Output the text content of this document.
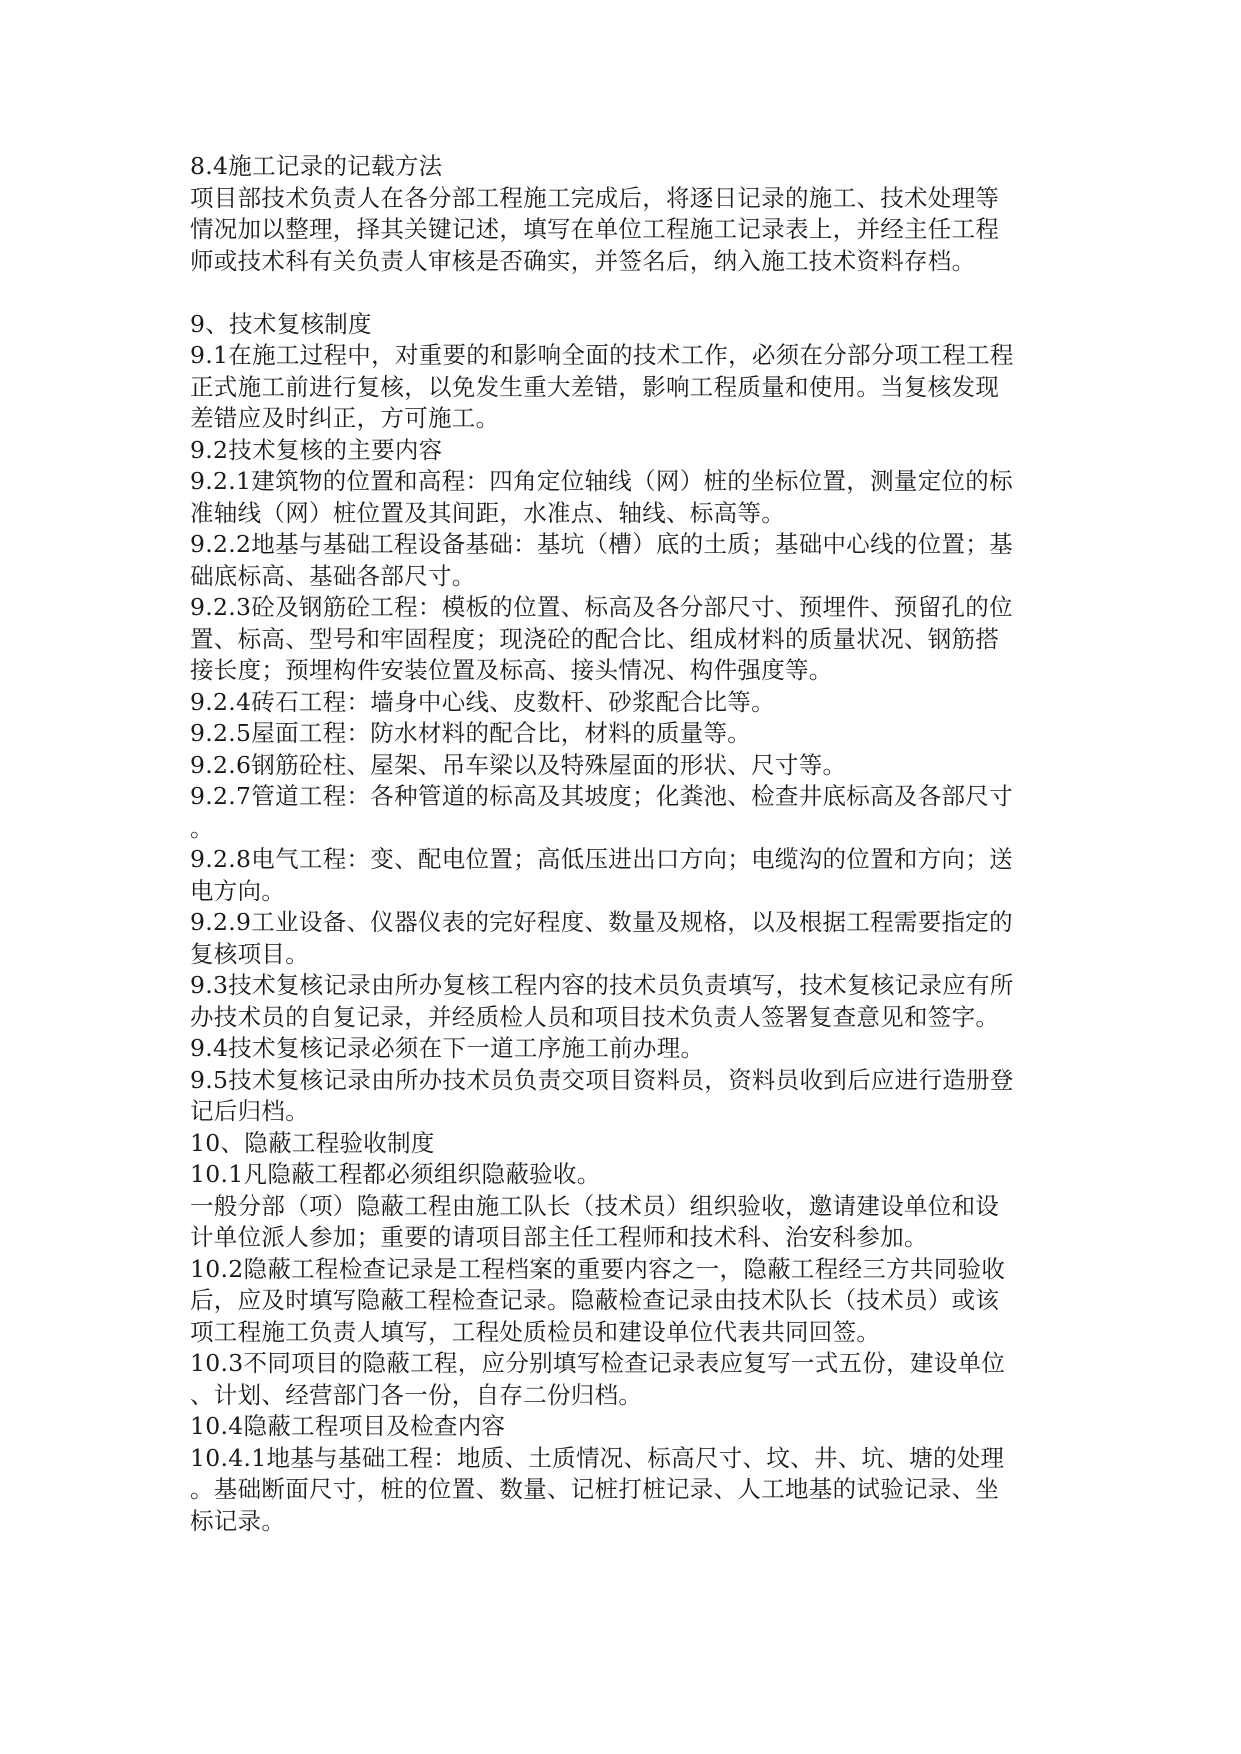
8.4施工记录的记载方法
项目部技术负责人在各分部工程施工完成后，将逐日记录的施工、技术处理等
情况加以整理，择其关键记述，填写在单位工程施工记录表上，并经主任工程
师或技术科有关负责人审核是否确实，并签名后，纳入施工技术资料存档。
9、技术复核制度
9.1在施工过程中，对重要的和影响全面的技术工作，必须在分部分项工程工程
正式施工前进行复核，以免发生重大差错，影响工程质量和使用。当复核发现
差错应及时纠正，方可施工。
9.2技术复核的主要内容
9.2.1建筑物的位置和高程：四角定位轴线（网）桩的坐标位置，测量定位的标
准轴线（网）桩位置及其间距，水准点、轴线、标高等。
9.2.2地基与基础工程设备基础：基坑（槽）底的土质；基础中心线的位置；基
础底标高、基础各部尺寸。
9.2.3砼及钢筋砼工程：模板的位置、标高及各分部尺寸、预埋件、预留孔的位
置、标高、型号和牢固程度；现浇砼的配合比、组成材料的质量状况、钢筋搭
接长度；预埋构件安装位置及标高、接头情况、构件强度等。
9.2.4砖石工程：墙身中心线、皮数杆、砂浆配合比等。
9.2.5屋面工程：防水材料的配合比，材料的质量等。
9.2.6钢筋砼柱、屋架、吊车梁以及特殊屋面的形状、尺寸等。
9.2.7管道工程：各种管道的标高及其坡度；化粪池、检查井底标高及各部尺寸
。
9.2.8电气工程：变、配电位置；高低压进出口方向；电缆沟的位置和方向；送
电方向。
9.2.9工业设备、仪器仪表的完好程度、数量及规格，以及根据工程需要指定的
复核项目。
9.3技术复核记录由所办复核工程内容的技术员负责填写，技术复核记录应有所
办技术员的自复记录，并经质检人员和项目技术负责人签署复查意见和签字。
9.4技术复核记录必须在下一道工序施工前办理。
9.5技术复核记录由所办技术员负责交项目资料员，资料员收到后应进行造册登
记后归档。
10、隐蔽工程验收制度
10.1凡隐蔽工程都必须组织隐蔽验收。
一般分部（项）隐蔽工程由施工队长（技术员）组织验收，邀请建设单位和设
计单位派人参加；重要的请项目部主任工程师和技术科、治安科参加。
10.2隐蔽工程检查记录是工程档案的重要内容之一，隐蔽工程经三方共同验收
后，应及时填写隐蔽工程检查记录。隐蔽检查记录由技术队长（技术员）或该
项工程施工负责人填写，工程处质检员和建设单位代表共同回签。
10.3不同项目的隐蔽工程，应分别填写检查记录表应复写一式五份，建设单位
、计划、经营部门各一份，自存二份归档。
10.4隐蔽工程项目及检查内容
10.4.1地基与基础工程：地质、土质情况、标高尺寸、坟、井、坑、塘的处理
。基础断面尺寸，桩的位置、数量、记桩打桩记录、人工地基的试验记录、坐
标记录。
